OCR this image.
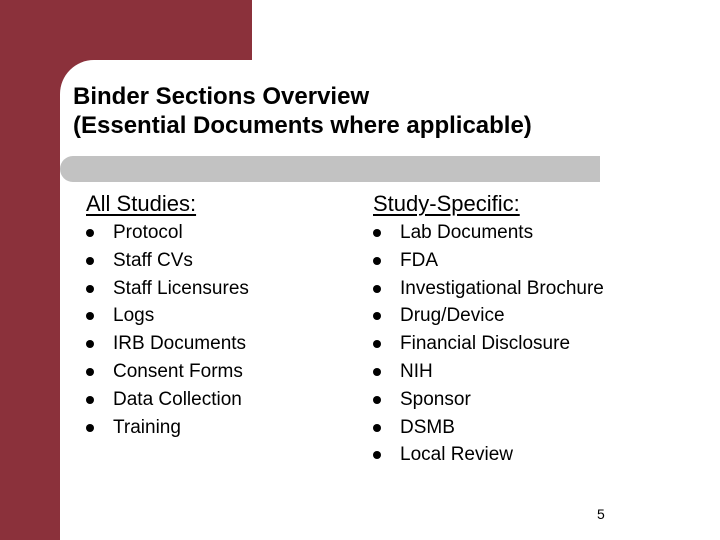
Binder Sections Overview
(Essential Documents where applicable)
All Studies:	Study-Specific:
Protocol
Staff CVs
Staff Licensures
Logs
IRB Documents
Consent Forms
Data Collection
Training
Lab Documents
FDA
Investigational Brochure
Drug/Device
Financial Disclosure
NIH
Sponsor
DSMB
Local Review
5
